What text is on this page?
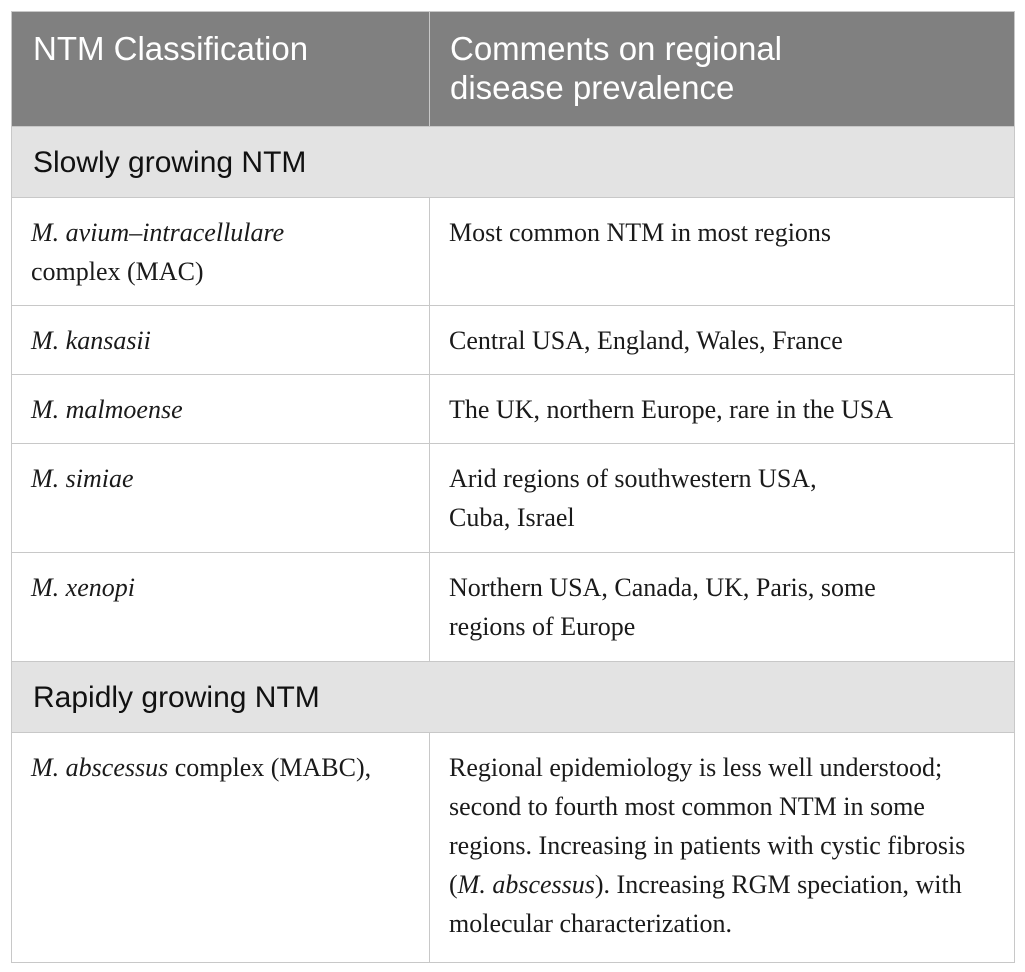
NTM Classification	Comments on regional
disease prevalence
Slowly growing NTM	
M. avium–intracellulare
complex (MAC)	Most common NTM in most regions
M. kansasii	Central USA, England, Wales, France
M. malmoense	The UK, northern Europe, rare in the USA
M. simiae	Arid regions of southwestern USA,
Cuba, Israel
M. xenopi	Northern USA, Canada, UK, Paris, some
regions of Europe
Rapidly growing NTM	
M. abscessus complex (MABC),	Regional epidemiology is less well understood; second to fourth most common NTM in some regions. Increasing in patients with cystic fibrosis (M. abscessus). Increasing RGM speciation, with molecular characterization.
